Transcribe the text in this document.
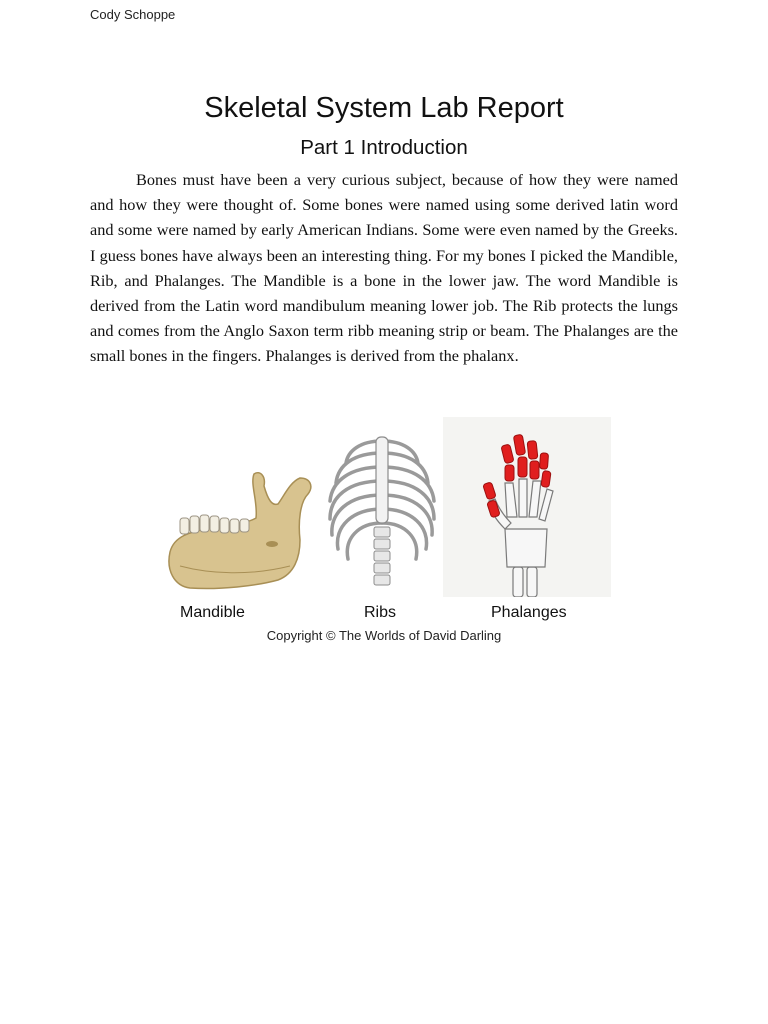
Cody Schoppe
Skeletal System Lab Report
Part 1 Introduction

Bones must have been a very curious subject, because of how they were named and how they were thought of. Some bones were named using some derived latin word and some were named by early American Indians. Some were even named by the Greeks. I guess bones have always been an interesting thing. For my bones I picked the Mandible, Rib, and Phalanges. The Mandible is a bone in the lower jaw. The word Mandible is derived from the Latin word mandibulum meaning lower job. The Rib protects the lungs and comes from the Anglo Saxon term ribb meaning strip or beam. The Phalanges are the small bones in the fingers. Phalanges is derived from the phalanx.

Mandible	Ribs	Phalanges
Copyright © The Worlds of David Darling
